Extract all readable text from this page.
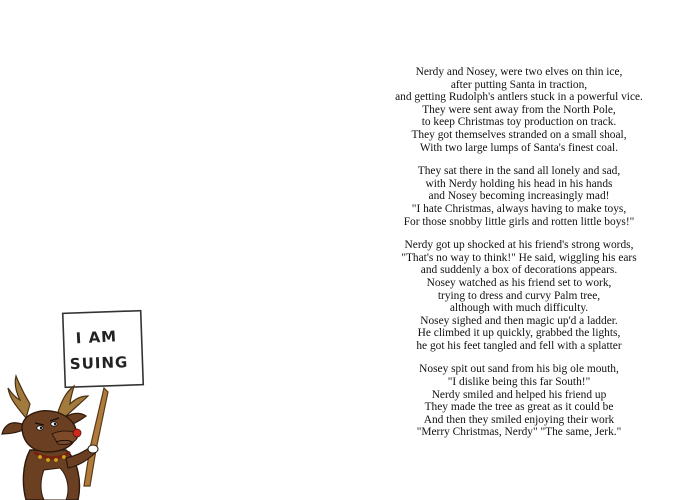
I AM
SUING
Nerdy and Nosey, were two elves on thin ice,
after putting Santa in traction,
and getting Rudolph's antlers stuck in a powerful vice.
They were sent away from the North Pole,
to keep Christmas toy production on track.
They got themselves stranded on a small shoal,
With two large lumps of Santa's finest coal.
They sat there in the sand all lonely and sad,
with Nerdy holding his head in his hands
and Nosey becoming increasingly mad!
"I hate Christmas, always having to make toys,
For those snobby little girls and rotten little boys!"
Nerdy got up shocked at his friend's strong words,
"That's no way to think!" He said, wiggling his ears
and suddenly a box of decorations appears.
Nosey watched as his friend set to work,
trying to dress and curvy Palm tree,
although with much difficulty.
Nosey sighed and then magic up'd a ladder.
He climbed it up quickly, grabbed the lights,
he got his feet tangled and fell with a splatter
Nosey spit out sand from his big ole mouth,
"I dislike being this far South!"
Nerdy smiled and helped his friend up
They made the tree as great as it could be
And then they smiled enjoying their work
"Merry Christmas, Nerdy" "The same, Jerk."
